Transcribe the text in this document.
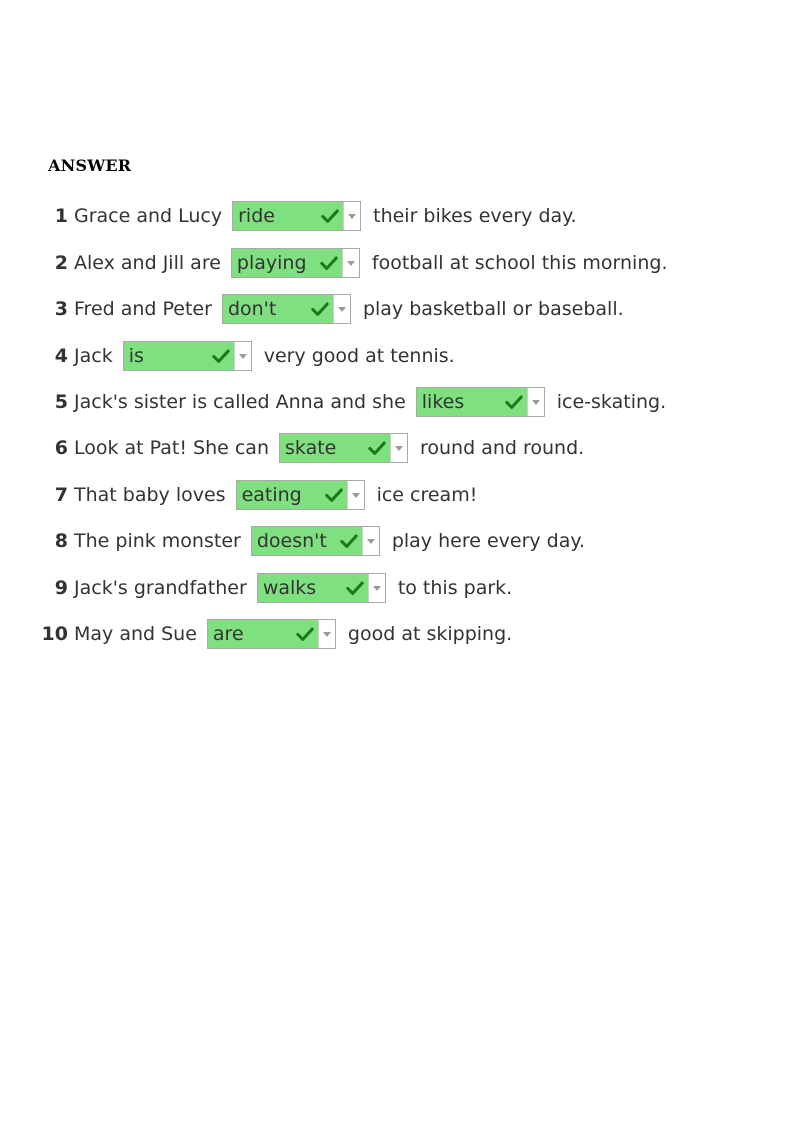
ANSWER
1 Grace and Lucy ride	their bikes every day.
2 Alex and Jill are playing	football at school this morning.
3 Fred and Peter don't	play basketball or baseball.
4 Jack is	very good at tennis.
5 Jack's sister is called Anna and she likes	ice-skating.
6 Look at Pat! She can skate	round and round.
7 That baby loves eating	ice cream!
8 The pink monster doesn't	play here every day.
9 Jack's grandfather walks	to this park.
10 May and Sue are	good at skipping.
